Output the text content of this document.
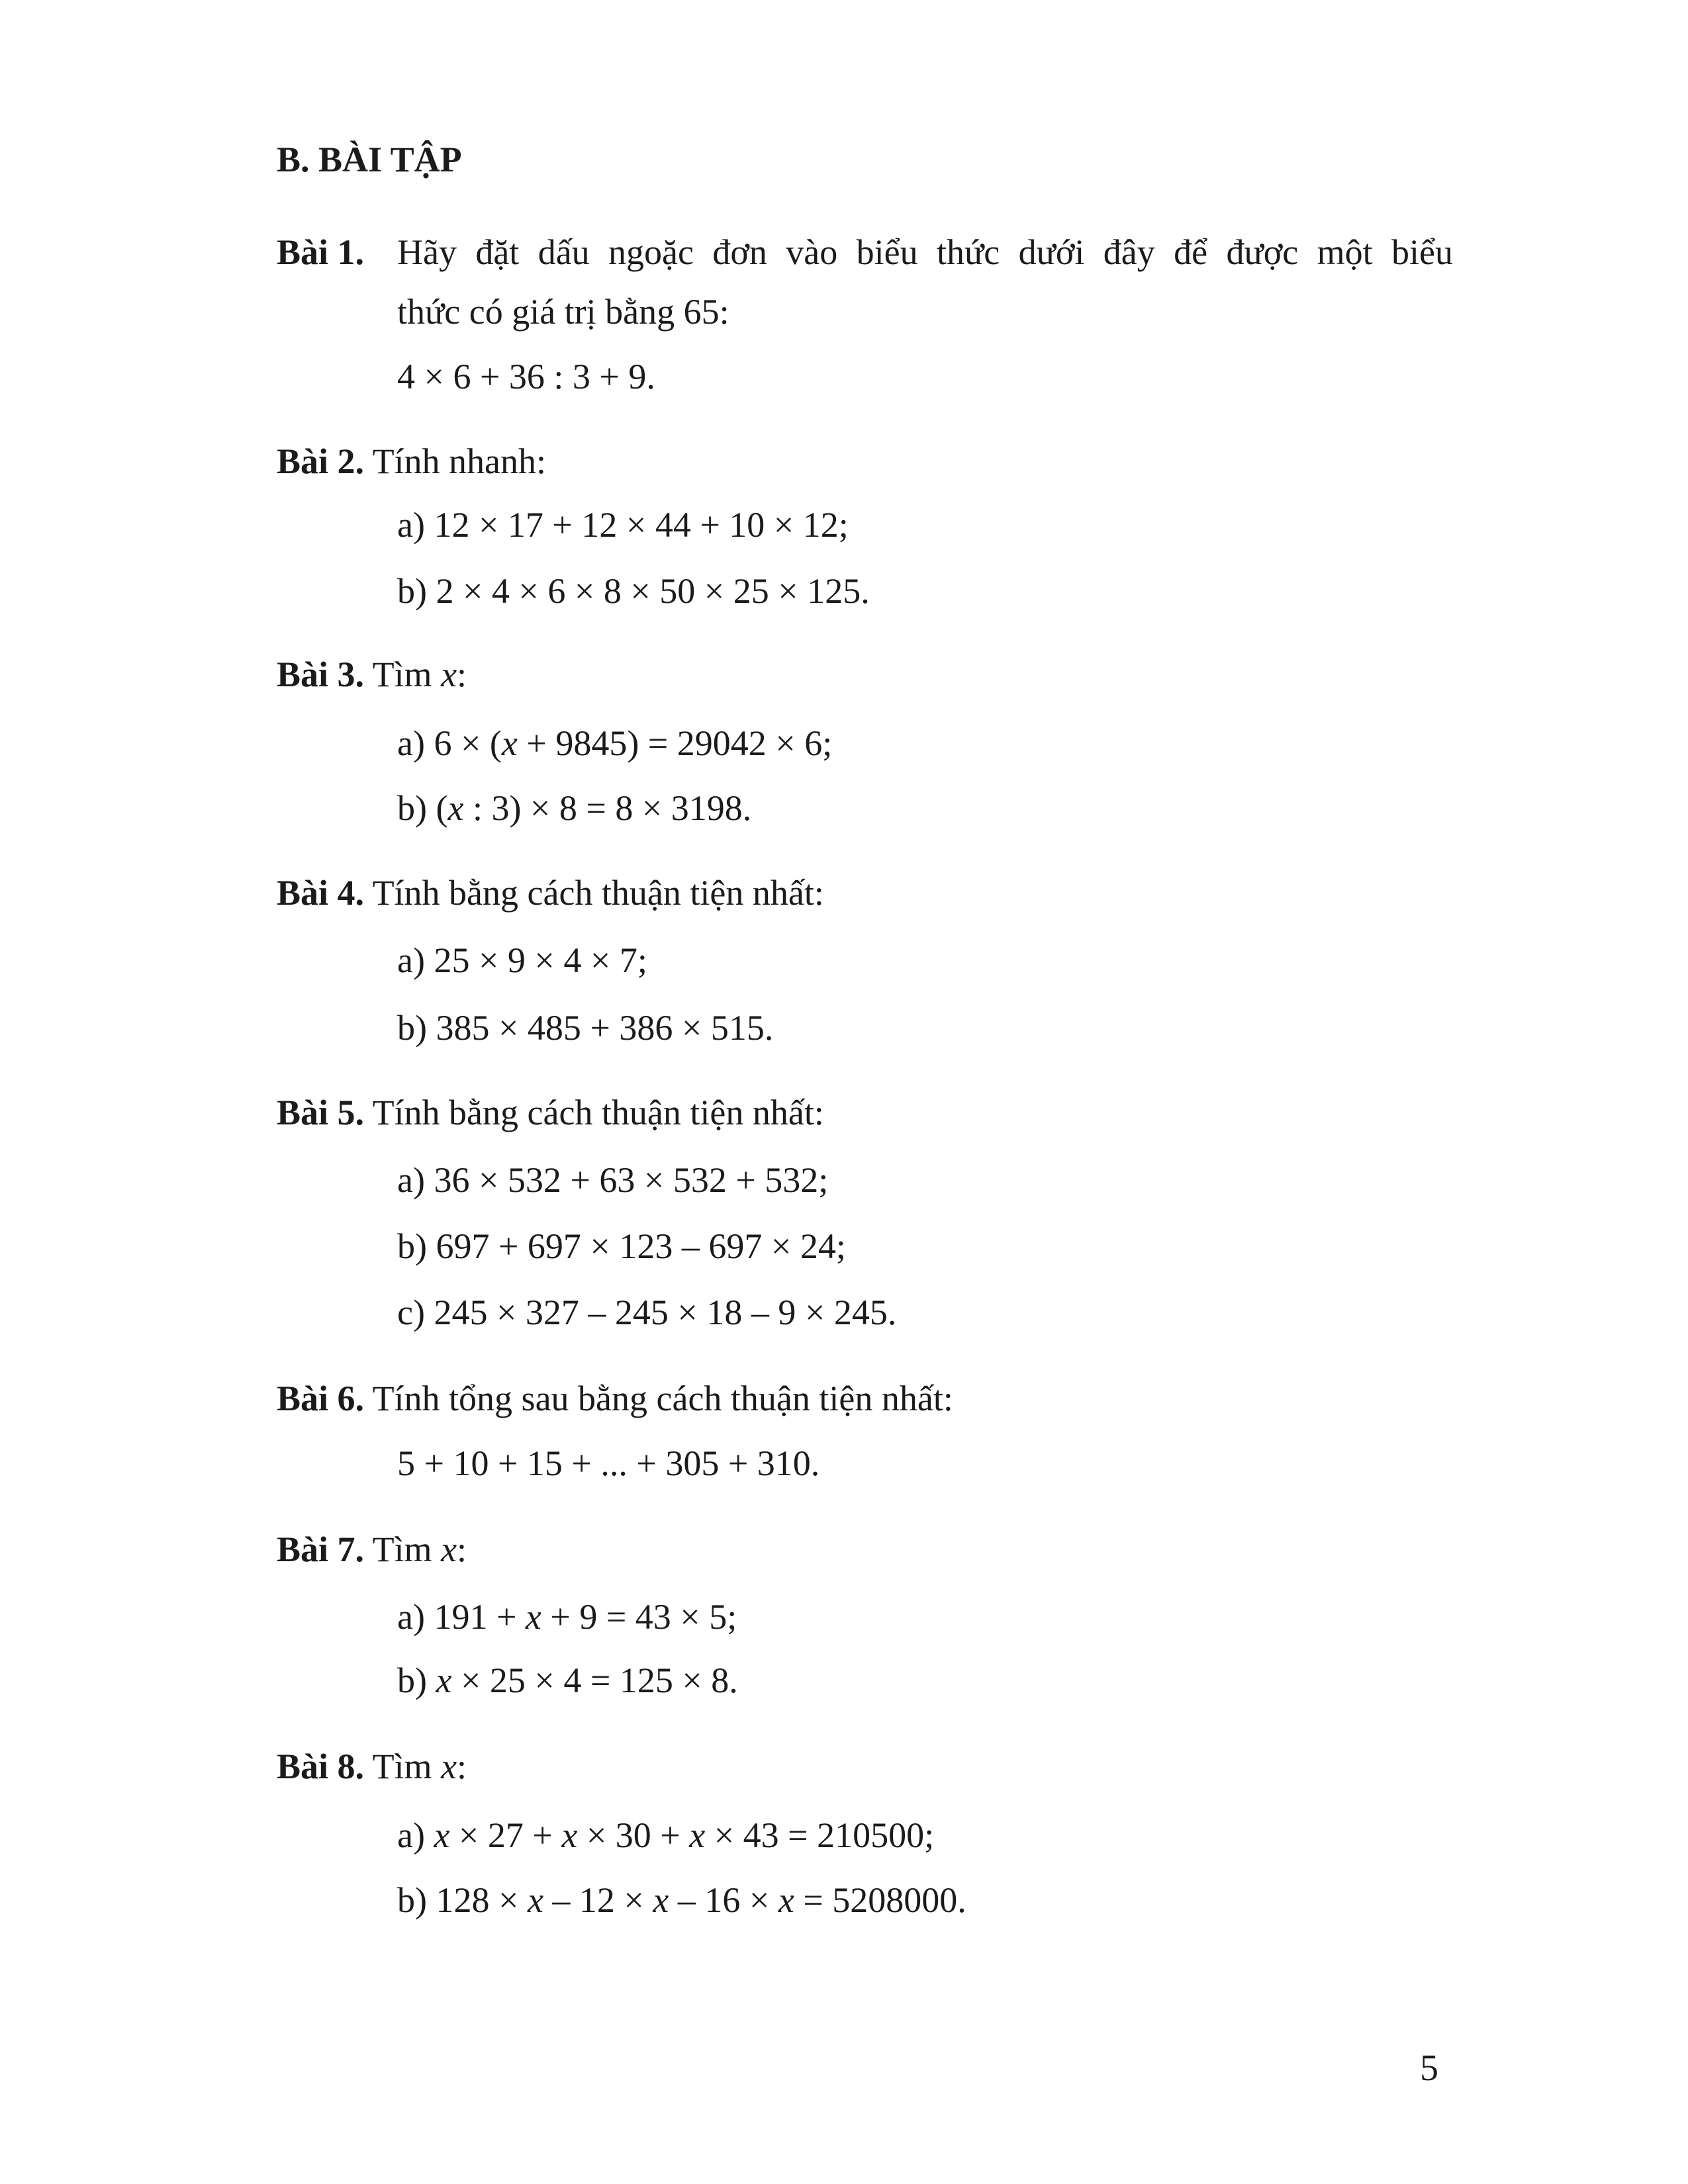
B. BÀI TẬP
Bài 1. Hãy đặt dấu ngoặc đơn vào biểu thức dưới đây để được một biểu
thức có giá trị bằng 65:
4 × 6 + 36 : 3 + 9.
Bài 2. Tính nhanh:
a) 12 × 17 + 12 × 44 + 10 × 12;
b) 2 × 4 × 6 × 8 × 50 × 25 × 125.
Bài 3. Tìm x:
a) 6 × (x + 9845) = 29042 × 6;
b) (x : 3) × 8 = 8 × 3198.
Bài 4. Tính bằng cách thuận tiện nhất:
a) 25 × 9 × 4 × 7;
b) 385 × 485 + 386 × 515.
Bài 5. Tính bằng cách thuận tiện nhất:
a) 36 × 532 + 63 × 532 + 532;
b) 697 + 697 × 123 – 697 × 24;
c) 245 × 327 – 245 × 18 – 9 × 245.
Bài 6. Tính tổng sau bằng cách thuận tiện nhất:
5 + 10 + 15 + ... + 305 + 310.
Bài 7. Tìm x:
a) 191 + x + 9 = 43 × 5;
b) x × 25 × 4 = 125 × 8.
Bài 8. Tìm x:
a) x × 27 + x × 30 + x × 43 = 210500;
b) 128 × x – 12 × x – 16 × x = 5208000.
5
